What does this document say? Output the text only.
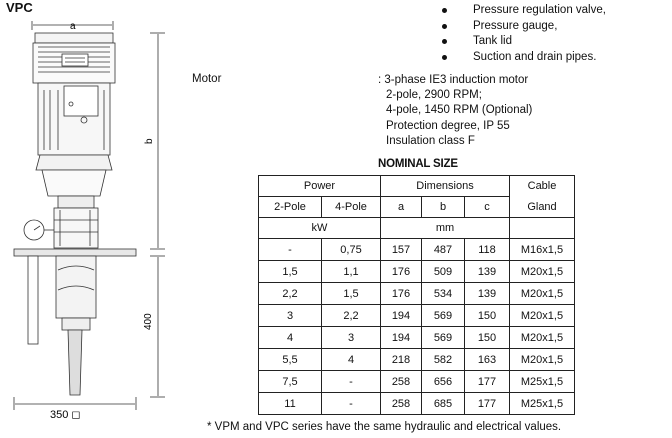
VPC
a
b
400
350 ◻
Pressure regulation valve,
Pressure gauge,
Tank lid
Suction and drain pipes.
Motor	: 3-phase IE3 induction motor
2-pole, 2900 RPM;
4-pole, 1450 RPM (Optional)
Protection degree, IP 55
Insulation class F
NOMINAL SIZE
Power		Dimensions			Cable
2-Pole	4-Pole	a	b	c	Gland
kW		mm			
-	0,75	157	487	118	M16x1,5
1,5	1,1	176	509	139	M20x1,5
2,2	1,5	176	534	139	M20x1,5
3	2,2	194	569	150	M20x1,5
4	3	194	569	150	M20x1,5
5,5	4	218	582	163	M20x1,5
7,5	-	258	656	177	M25x1,5
11	-	258	685	177	M25x1,5
* VPM and VPC series have the same hydraulic and electrical values.
